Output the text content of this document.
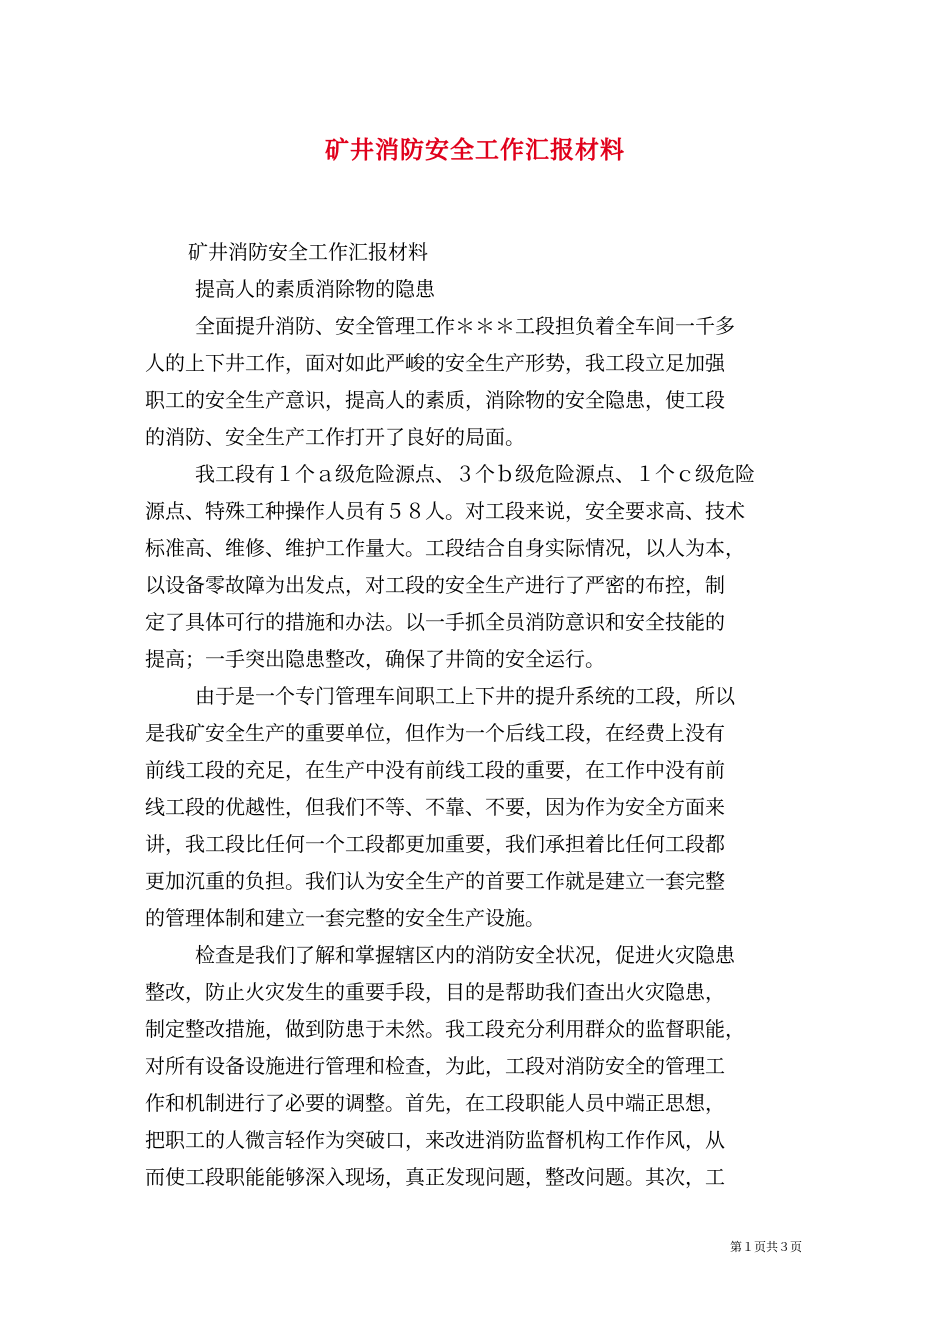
矿井消防安全工作汇报材料
矿井消防安全工作汇报材料
提高人的素质消除物的隐患
全面提升消防、安全管理工作＊＊＊工段担负着全车间一千多
人的上下井工作，面对如此严峻的安全生产形势，我工段立足加强
职工的安全生产意识，提高人的素质，消除物的安全隐患，使工段
的消防、安全生产工作打开了良好的局面。
我工段有１个ａ级危险源点、３个ｂ级危险源点、１个ｃ级危险
源点、特殊工种操作人员有５８人。对工段来说，安全要求高、技术
标准高、维修、维护工作量大。工段结合自身实际情况，以人为本，
以设备零故障为出发点，对工段的安全生产进行了严密的布控，制
定了具体可行的措施和办法。以一手抓全员消防意识和安全技能的
提高；一手突出隐患整改，确保了井筒的安全运行。
由于是一个专门管理车间职工上下井的提升系统的工段，所以
是我矿安全生产的重要单位，但作为一个后线工段，在经费上没有
前线工段的充足，在生产中没有前线工段的重要，在工作中没有前
线工段的优越性，但我们不等、不靠、不要，因为作为安全方面来
讲，我工段比任何一个工段都更加重要，我们承担着比任何工段都
更加沉重的负担。我们认为安全生产的首要工作就是建立一套完整
的管理体制和建立一套完整的安全生产设施。
检查是我们了解和掌握辖区内的消防安全状况，促进火灾隐患
整改，防止火灾发生的重要手段，目的是帮助我们查出火灾隐患，
制定整改措施，做到防患于未然。我工段充分利用群众的监督职能，
对所有设备设施进行管理和检查，为此，工段对消防安全的管理工
作和机制进行了必要的调整。首先，在工段职能人员中端正思想，
把职工的人微言轻作为突破口，来改进消防监督机构工作作风，从
而使工段职能能够深入现场，真正发现问题，整改问题。其次，工
第１页共３页
